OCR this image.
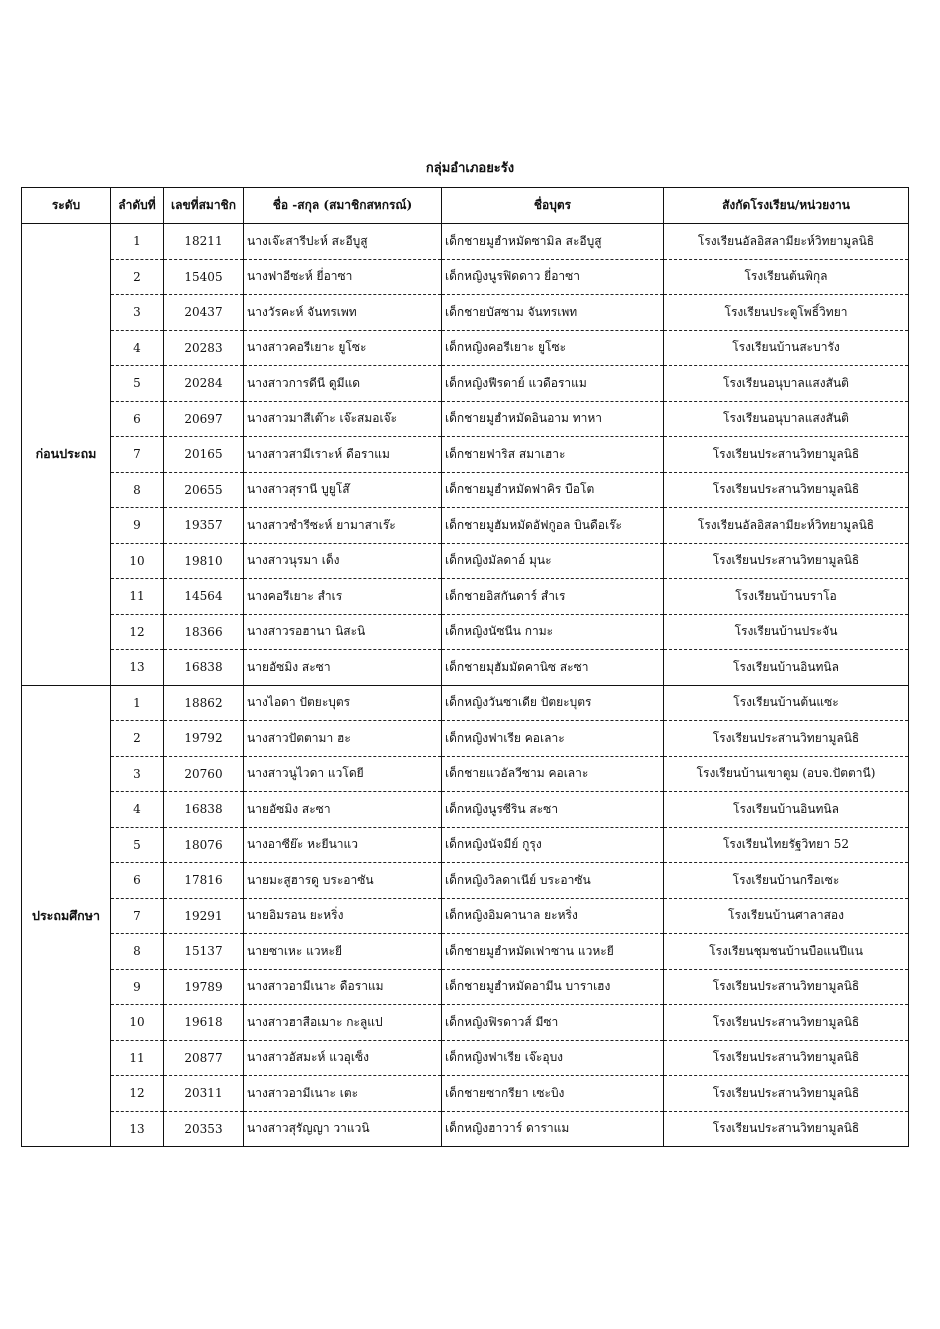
กลุ่มอำเภอยะรัง
ระดับ	ลำดับที่	เลขที่สมาชิก	ชื่อ -สกุล (สมาชิกสหกรณ์)	ชื่อบุตร	สังกัดโรงเรียน/หน่วยงาน
ก่อนประถม	1	18211	นางเจ๊ะสารีปะห์ สะอีบูสู	เด็กชายมูฮำหมัดซามิล สะอีบูสู	โรงเรียนอัลอิสลามียะห์วิทยามูลนิธิ
	2	15405	นางฟาอีซะห์ ยี่อาซา	เด็กหญิงนูรฟิดดาว ยี่อาซา	โรงเรียนต้นพิกุล
	3	20437	นางวัรคะห์ จันทรเพท	เด็กชายบัสซาม จันทรเพท	โรงเรียนประตูโพธิ์วิทยา
	4	20283	นางสาวคอรีเยาะ ยูโซะ	เด็กหญิงคอรีเยาะ ยูโซะ	โรงเรียนบ้านสะบารัง
	5	20284	นางสาวการดีนี ดูมีแด	เด็กหญิงฟีรดาย์ แวดือราแม	โรงเรียนอนุบาลแสงสันติ
	6	20697	นางสาวมาสีเต๊าะ เจ๊ะสมอเจ๊ะ	เด็กชายมูฮำหมัดอินอาม ทาหา	โรงเรียนอนุบาลแสงสันติ
	7	20165	นางสาวสามีเราะห์ ดือราแม	เด็กชายฟาริส สมาเฮาะ	โรงเรียนประสานวิทยามูลนิธิ
	8	20655	นางสาวสุรานี บูยูโส๊	เด็กชายมูฮำหมัดฟาคิร บือโต	โรงเรียนประสานวิทยามูลนิธิ
	9	19357	นางสาวซำรีซะห์ ยามาสาเร๊ะ	เด็กชายมูฮัมหมัดอัฟกูอล บินดือเร๊ะ	โรงเรียนอัลอิสลามียะห์วิทยามูลนิธิ
	10	19810	นางสาวนุรมา เด็ง	เด็กหญิงมัลดาอ์ มุนะ	โรงเรียนประสานวิทยามูลนิธิ
	11	14564	นางคอรีเยาะ สำเร	เด็กชายอิสกันดาร์ สำเร	โรงเรียนบ้านบราโอ
	12	18366	นางสาวรอฮานา นิสะนิ	เด็กหญิงนัซนีน กามะ	โรงเรียนบ้านประจัน
	13	16838	นายอัซมิง สะซา	เด็กชายมุฮัมมัดคานิซ สะซา	โรงเรียนบ้านอินทนิล
ประถมศึกษา	1	18862	นางไอดา ปัตยะบุตร	เด็กหญิงวันซาเดีย ปัตยะบุตร	โรงเรียนบ้านต้นแซะ
	2	19792	นางสาวปัตตามา ฮะ	เด็กหญิงฟาเรีย คอเลาะ	โรงเรียนประสานวิทยามูลนิธิ
	3	20760	นางสาวนูไวดา แวโดยี	เด็กชายแวอัลวีซาม คอเลาะ	โรงเรียนบ้านเขาตูม (อบจ.ปัตตานี)
	4	16838	นายอัซมิง สะซา	เด็กหญิงนูรซีริน สะซา	โรงเรียนบ้านอินทนิล
	5	18076	นางอาซีย๊ะ หะยีนาแว	เด็กหญิงนัจมีย์ กูรุง	โรงเรียนไทยรัฐวิทยา 52
	6	17816	นายมะสูฮารดู บระอาซัน	เด็กหญิงวิลดาเนีย์ บระอาซัน	โรงเรียนบ้านกรือเซะ
	7	19291	นายอิมรอน ยะหริ่ง	เด็กหญิงอิมคานาล ยะหริ่ง	โรงเรียนบ้านศาลาสอง
	8	15137	นายซาเหะ แวหะยี	เด็กชายมูฮำหมัดเฟาซาน แวหะยี	โรงเรียนชุมชนบ้านบือแนปีแน
	9	19789	นางสาวอามีเนาะ ดือราแม	เด็กชายมูฮำหมัดอามีน บาราเฮง	โรงเรียนประสานวิทยามูลนิธิ
	10	19618	นางสาวฮาสือเมาะ กะลูแป	เด็กหญิงฟิรดาวส์ มีซา	โรงเรียนประสานวิทยามูลนิธิ
	11	20877	นางสาวอัสมะห์ แวอุเซ็ง	เด็กหญิงฟาเรีย เจ๊ะอุบง	โรงเรียนประสานวิทยามูลนิธิ
	12	20311	นางสาวอามีเนาะ เตะ	เด็กชายซากรียา เซะบิง	โรงเรียนประสานวิทยามูลนิธิ
	13	20353	นางสาวสุรัญญา วาแวนิ	เด็กหญิงฮาวาร์ ดาราแม	โรงเรียนประสานวิทยามูลนิธิ
